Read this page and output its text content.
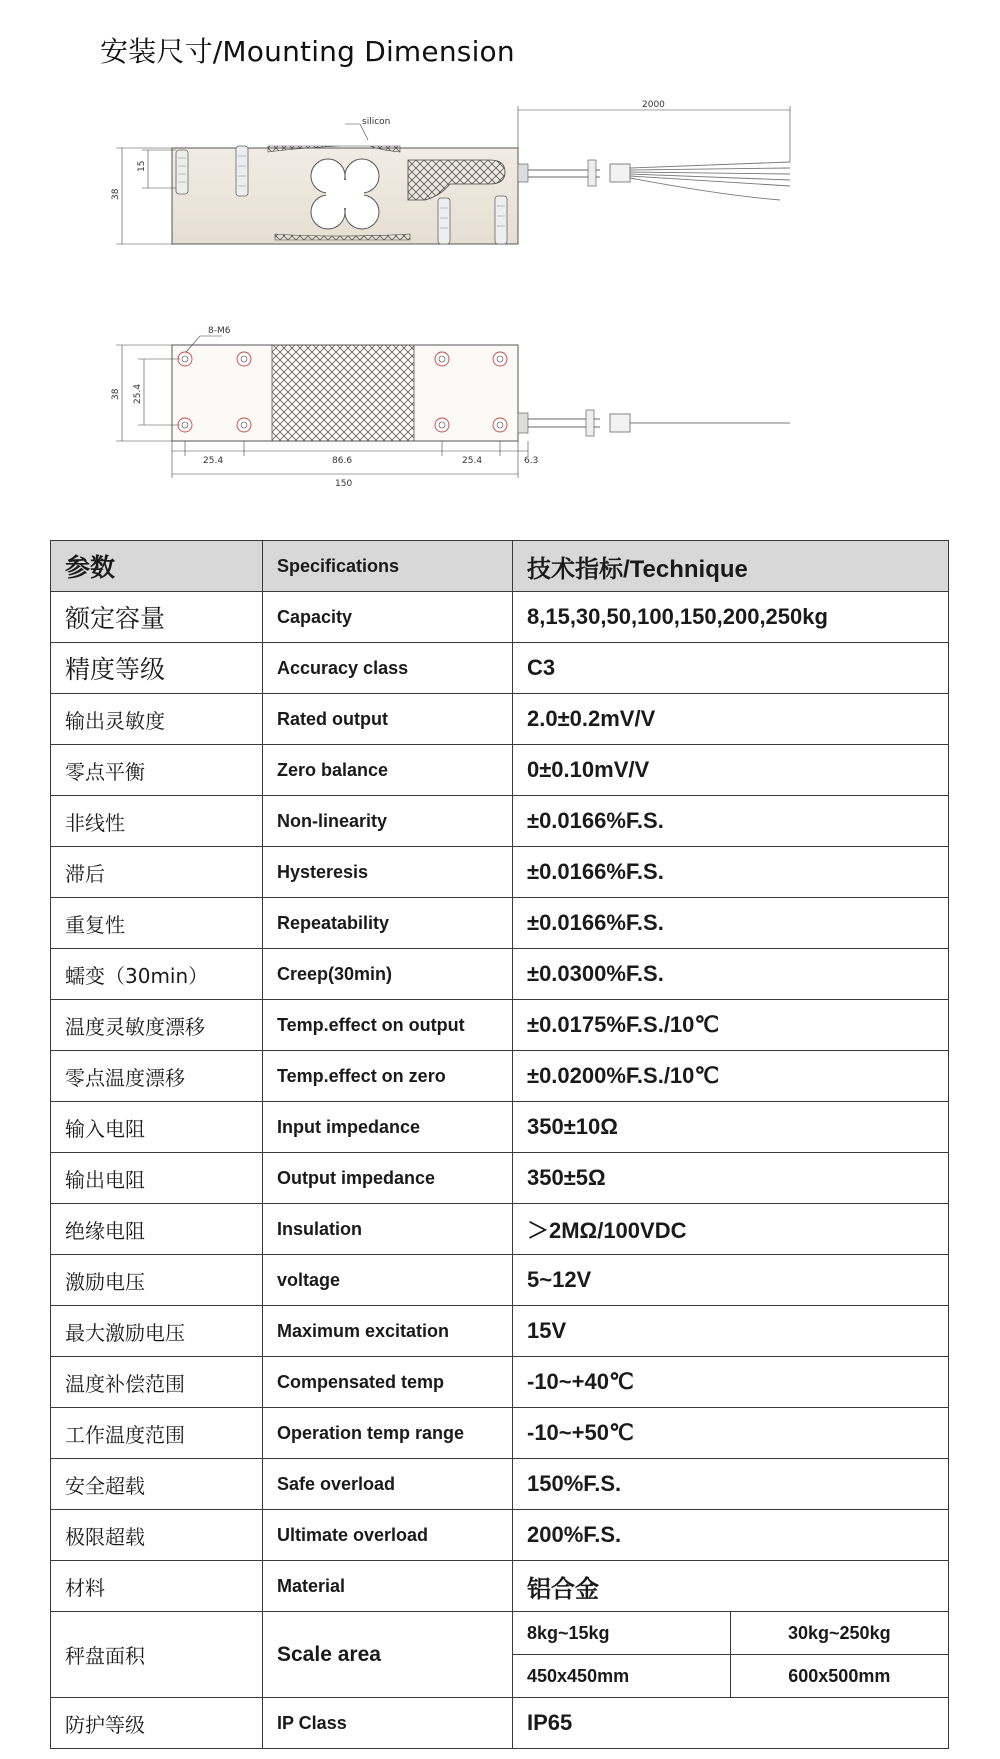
安装尺寸/Mounting Dimension
38
15
2000
silicon
8-M6
38 25.4
25.4	86.6	25.4	6.3
150
参数	Specifications	技术指标/Technique
额定容量	Capacity	8,15,30,50,100,150,200,250kg
精度等级	Accuracy class	C3
输出灵敏度	Rated output	2.0±0.2mV/V
零点平衡	Zero balance	0±0.10mV/V
非线性	Non-linearity	±0.0166%F.S.
滞后	Hysteresis	±0.0166%F.S.
重复性	Repeatability	±0.0166%F.S.
蠕变（30min）	Creep(30min)	±0.0300%F.S.
温度灵敏度漂移	Temp.effect on output	±0.0175%F.S./10℃
零点温度漂移	Temp.effect on zero	±0.0200%F.S./10℃
输入电阻	Input impedance	350±10Ω
输出电阻	Output impedance	350±5Ω
绝缘电阻	Insulation	＞2MΩ/100VDC
激励电压	voltage	5~12V
最大激励电压	Maximum excitation	15V
温度补偿范围	Compensated temp	-10~+40℃
工作温度范围	Operation temp range	-10~+50℃
安全超载	Safe overload	150%F.S.
极限超载	Ultimate overload	200%F.S.
材料	Material	铝合金
秤盘面积	Scale area	
8kg~15kg	30kg~250kg
450x450mm	600x500mm

防护等级	IP Class	IP65
